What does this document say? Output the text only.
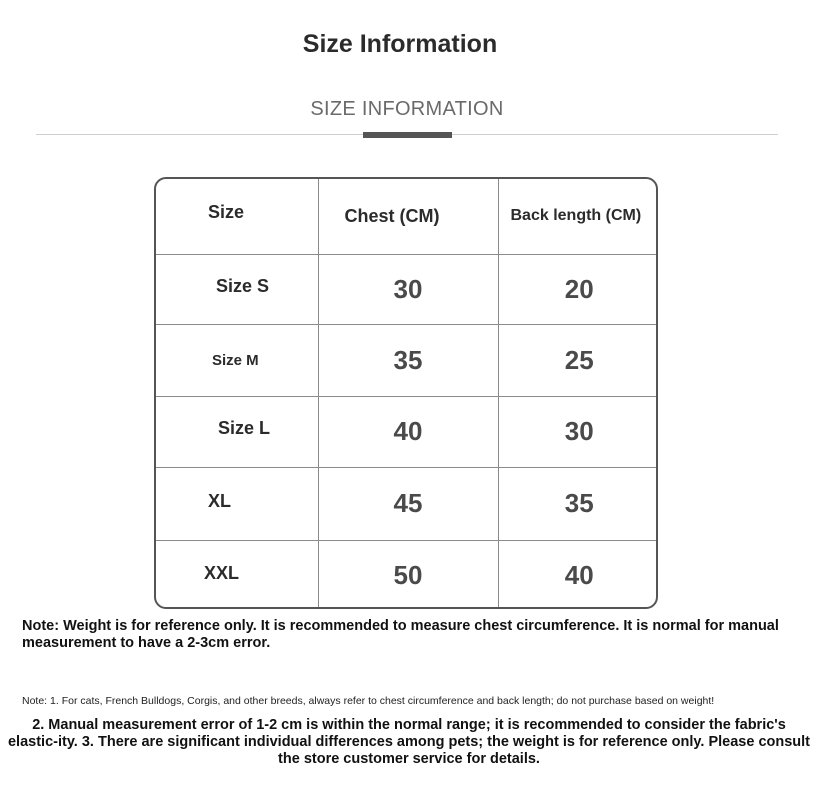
Size Information
SIZE INFORMATION
Size	Chest (CM)	Back length (CM)
Size S	30	20
Size M	35	25
Size L	40	30
XL	45	35
XXL	50	40
Note: Weight is for reference only. It is recommended to measure chest circumference. It is normal for manual measurement to have a 2-3cm error.
Note: 1. For cats, French Bulldogs, Corgis, and other breeds, always refer to chest circumference and back length; do not purchase based on weight!
2. Manual measurement error of 1-2 cm is within the normal range; it is recommended to consider the fabric's elastic-ity. 3. There are significant individual differences among pets; the weight is for reference only. Please consult the store customer service for details.
